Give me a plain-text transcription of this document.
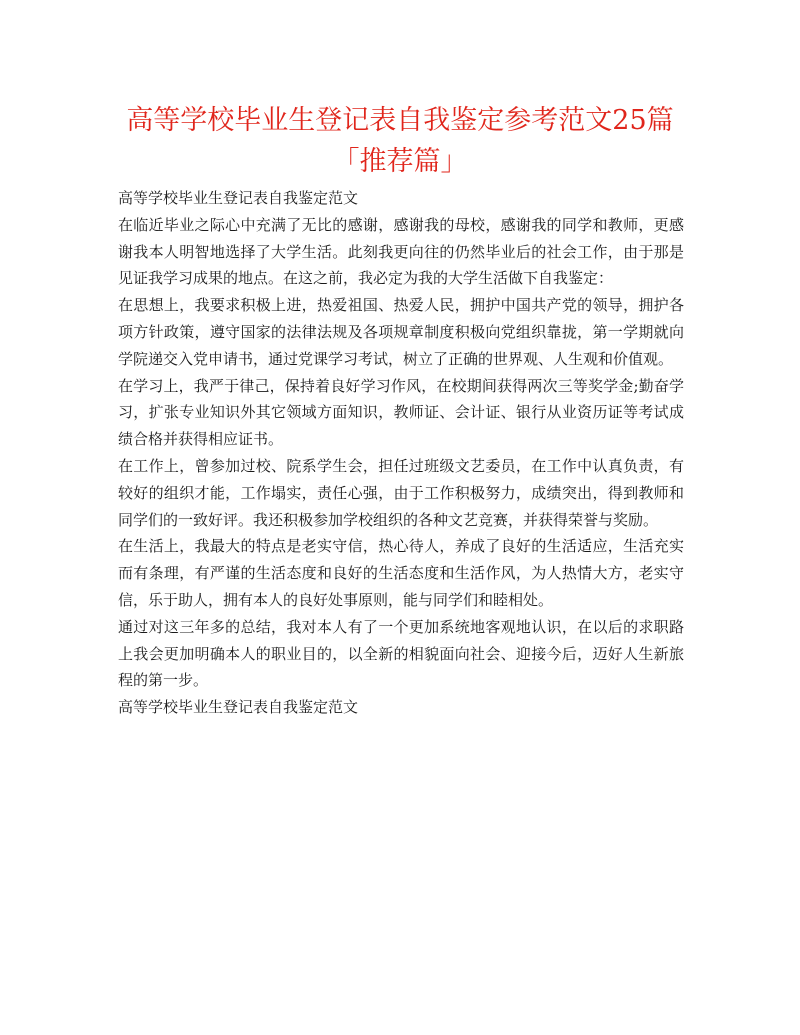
高等学校毕业生登记表自我鉴定参考范文25篇「推荐篇」

高等学校毕业生登记表自我鉴定范文

在临近毕业之际心中充满了无比的感谢，感谢我的母校，感谢我的同学和教师，更感谢我本人明智地选择了大学生活。此刻我更向往的仍然毕业后的社会工作，由于那是见证我学习成果的地点。在这之前，我必定为我的大学生活做下自我鉴定：

在思想上，我要求积极上进，热爱祖国、热爱人民，拥护中国共产党的领导，拥护各项方针政策，遵守国家的法律法规及各项规章制度积极向党组织靠拢，第一学期就向学院递交入党申请书，通过党课学习考试，树立了正确的世界观、人生观和价值观。

在学习上，我严于律己，保持着良好学习作风，在校期间获得两次三等奖学金;勤奋学习，扩张专业知识外其它领域方面知识，教师证、会计证、银行从业资历证等考试成绩合格并获得相应证书。

在工作上，曾参加过校、院系学生会，担任过班级文艺委员，在工作中认真负责，有较好的组织才能，工作塌实，责任心强，由于工作积极努力，成绩突出，得到教师和同学们的一致好评。我还积极参加学校组织的各种文艺竞赛，并获得荣誉与奖励。

在生活上，我最大的特点是老实守信，热心待人，养成了良好的生活适应，生活充实而有条理，有严谨的生活态度和良好的生活态度和生活作风，为人热情大方，老实守信，乐于助人，拥有本人的良好处事原则，能与同学们和睦相处。

通过对这三年多的总结，我对本人有了一个更加系统地客观地认识，在以后的求职路上我会更加明确本人的职业目的，以全新的相貌面向社会、迎接今后，迈好人生新旅程的第一步。

高等学校毕业生登记表自我鉴定范文
